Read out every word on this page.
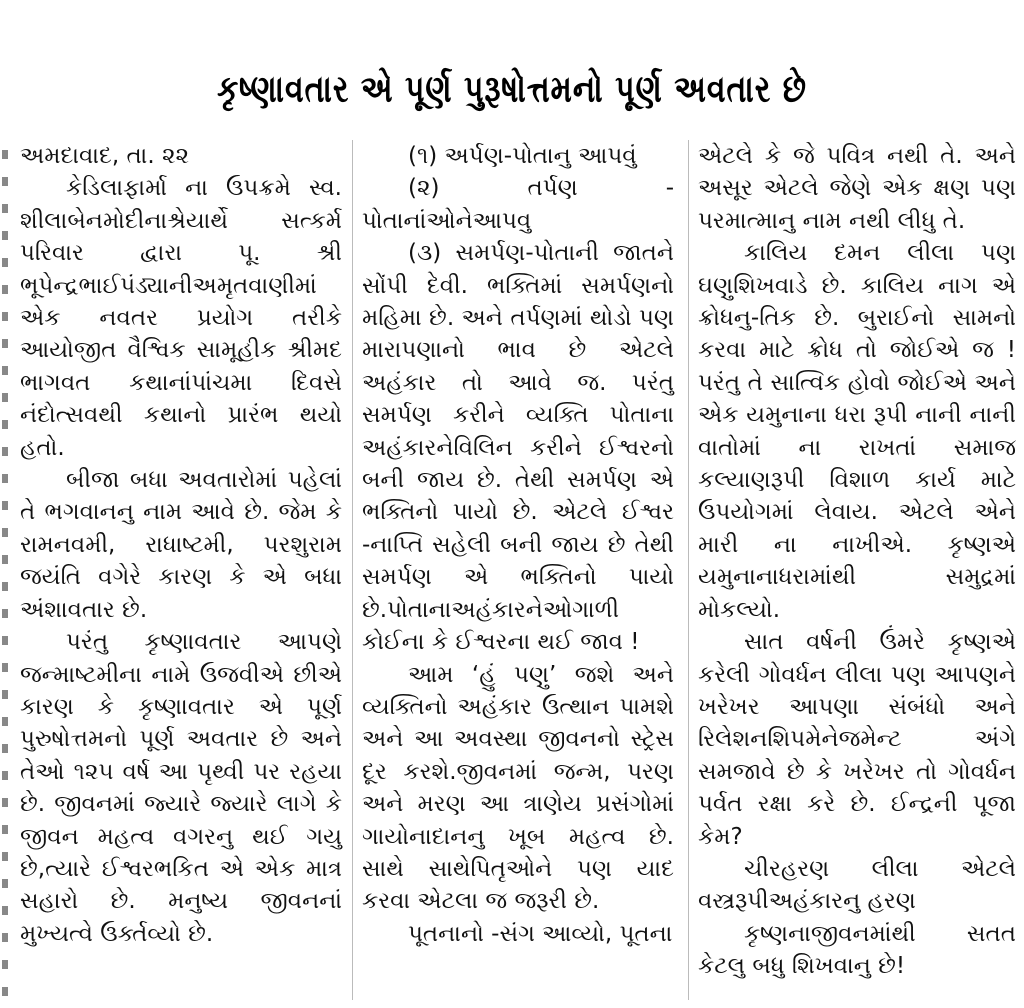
કૃષ્ણાવતાર એ પૂર્ણ પુરૂષોત્તમનો પૂર્ણ અવતાર છે

અમદાવાદ, તા. ૨૨

કેડિલાફાર્મા ના ઉપક્રમે સ્વ. શીલાબેનમોદીનાશ્રેયાર્થે સત્કર્મ પરિવાર દ્વારા પૂ. શ્રી ભૂપેન્દ્રભાઈપંડ્યાનીઅમૃતવાણીમાં એક નવતર પ્રયોગ તરીકે આયોજીત વૈશ્વિક સામૂહીક શ્રીમદ ભાગવત કથાનાંપાંચમા દિવસે નંદોત્સવથી કથાનો પ્રારંભ થયો હતો.

બીજા બધા અવતારોમાં પહેલાં તે ભગવાનનુ નામ આવે છે. જેમ કે રામનવમી, રાધાષ્ટમી, પરશુરામ જયંતિ વગેરે કારણ કે એ બધા અંશાવતાર છે.

પરંતુ કૃષ્ણાવતાર આપણે જન્માષ્ટમીના નામે ઉજવીએ છીએ કારણ કે કૃષ્ણાવતાર એ પૂર્ણ પુરુષોત્તમનો પૂર્ણ અવતાર છે અને તેઓ ૧૨૫ વર્ષ આ પૃથ્વી પર રહયા છે. જીવનમાં જ્યારે જ્યારે લાગે કે જીવન મહત્વ વગરનુ થઈ ગયુ છે,ત્યારે ઈશ્વરભકિત એ એક માત્ર સહારો છે. મનુષ્ય જીવનનાં મુખ્યત્વે ઉર્ક્તવ્યો છે.

(૧) અર્પણ-પોતાનુ આપવું

(૨) તર્પણ - પોતાનાંઓનેઆપવુ

(૩) સમર્પણ-પોતાની જાતને સોંપી દેવી. ભક્તિમાં સમર્પણનો મહિમા છે. અને તર્પણમાં થોડો પણ મારાપણાનો ભાવ છે એટલે અહંકાર તો આવે જ. પરંતુ સમર્પણ કરીને વ્યક્તિ પોતાના અહંકારનેવિલિન કરીને ઈશ્વરનો બની જાય છે. તેથી સમર્પણ એ ભક્તિનો પાયો છે. એટલે ઈશ્વર -નાપ્તિ સહેલી બની જાય છે તેથી સમર્પણ એ ભક્તિનો પાયો છે.પોતાનાઅહંકારનેઓગાળી કોઈના કે ઈશ્વરના થઈ જાવ !

આમ ‘હું પણુ’ જશે અને વ્યક્તિનો અહંકાર ઉત્થાન પામશે અને આ અવસ્થા જીવનનો સ્ટ્રેસ દૂર કરશે.જીવનમાં જન્મ, પરણ અને મરણ આ ત્રાણેય પ્રસંગોમાં ગાયોનાદાનનુ ખૂબ મહત્વ છે. સાથે સાથેપિતૃઓને પણ યાદ કરવા એટલા જ જરૂરી છે.

પૂતનાનો -સંગ આવ્યો, પૂતના

એટલે કે જે પવિત્ર નથી તે. અને અસૂર એટલે જેણે એક ક્ષણ પણ પરમાત્માનુ નામ નથી લીધુ તે.

કાલિય દમન લીલા પણ ઘણુશિખવાડે છે. કાલિય નાગ એ ક્રોધનુ-તિક છે. બુરાઈનો સામનો કરવા માટે ક્રોધ તો જોઈએ જ ! પરંતુ તે સાત્વિક હોવો જોઈએ અને એક યમુનાના ધરા રૂપી નાની નાની વાતોમાં ના રાખતાં સમાજ કલ્યાણરૂપી વિશાળ કાર્ય માટે ઉપયોગમાં લેવાય. એટલે એને મારી ના નાખીએ. કૃષ્ણએ યમુનાનાધરામાંથી સમુદ્રમાં મોકલ્યો.

સાત વર્ષની ઉંમરે કૃષ્ણએ કરેલી ગોવર્ધન લીલા પણ આપણને ખરેખર આપણા સંબંધો અને રિલેશનશિપમેનેજમેન્ટ અંગે સમજાવે છે કે ખરેખર તો ગોવર્ધન પર્વત રક્ષા કરે છે. ઈન્દ્રની પૂજા કેમ?

ચીરહરણ લીલા એટલે વસ્ત્રરૂપીઅહંકારનુ હરણ

કૃષ્ણનાજીવનમાંથી સતત કેટલુ બધુ શિખવાનુ છે!
